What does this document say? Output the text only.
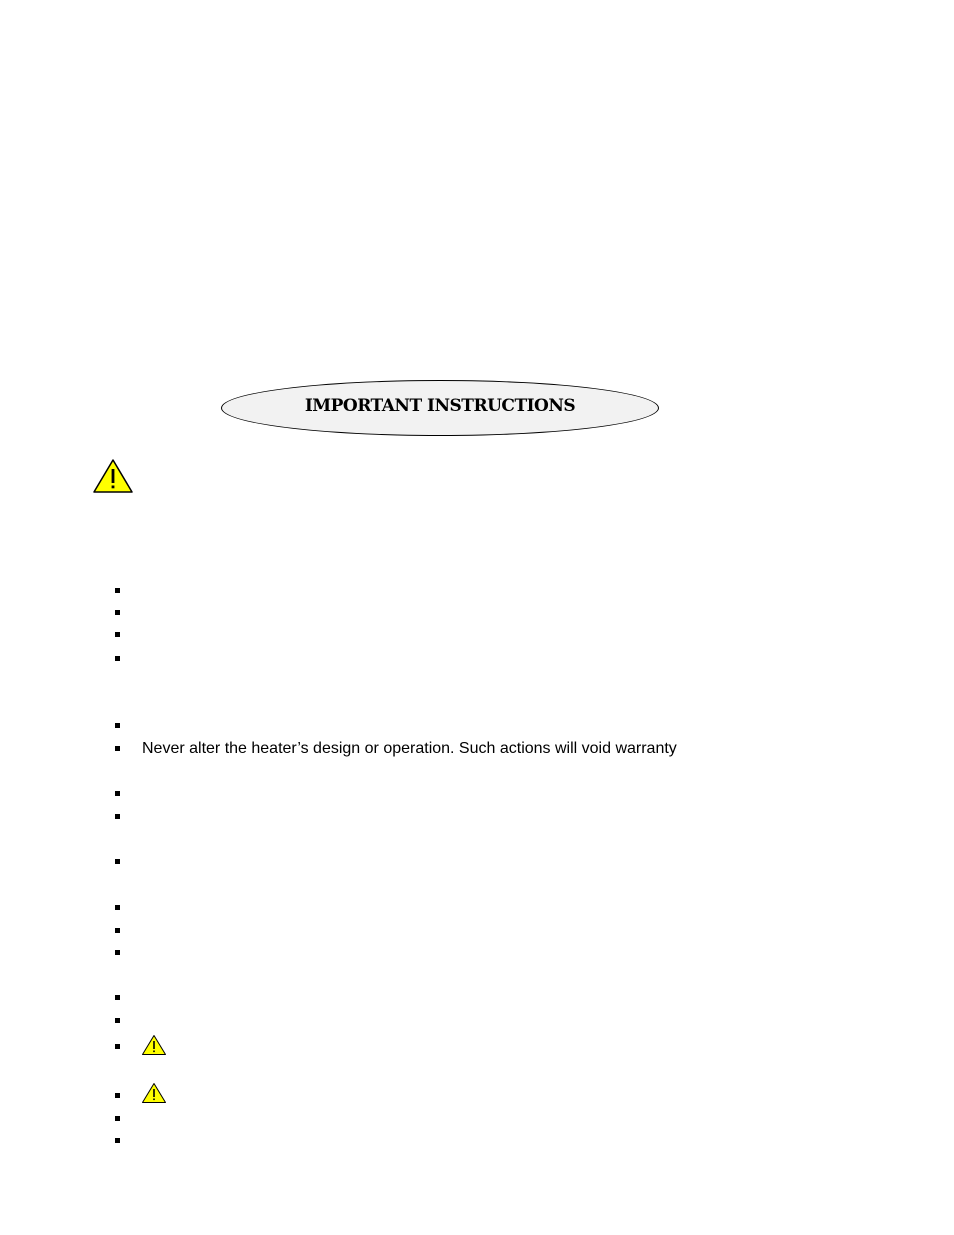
IMPORTANT INSTRUCTIONS
Never alter the heater’s design or operation. Such actions will void warranty
